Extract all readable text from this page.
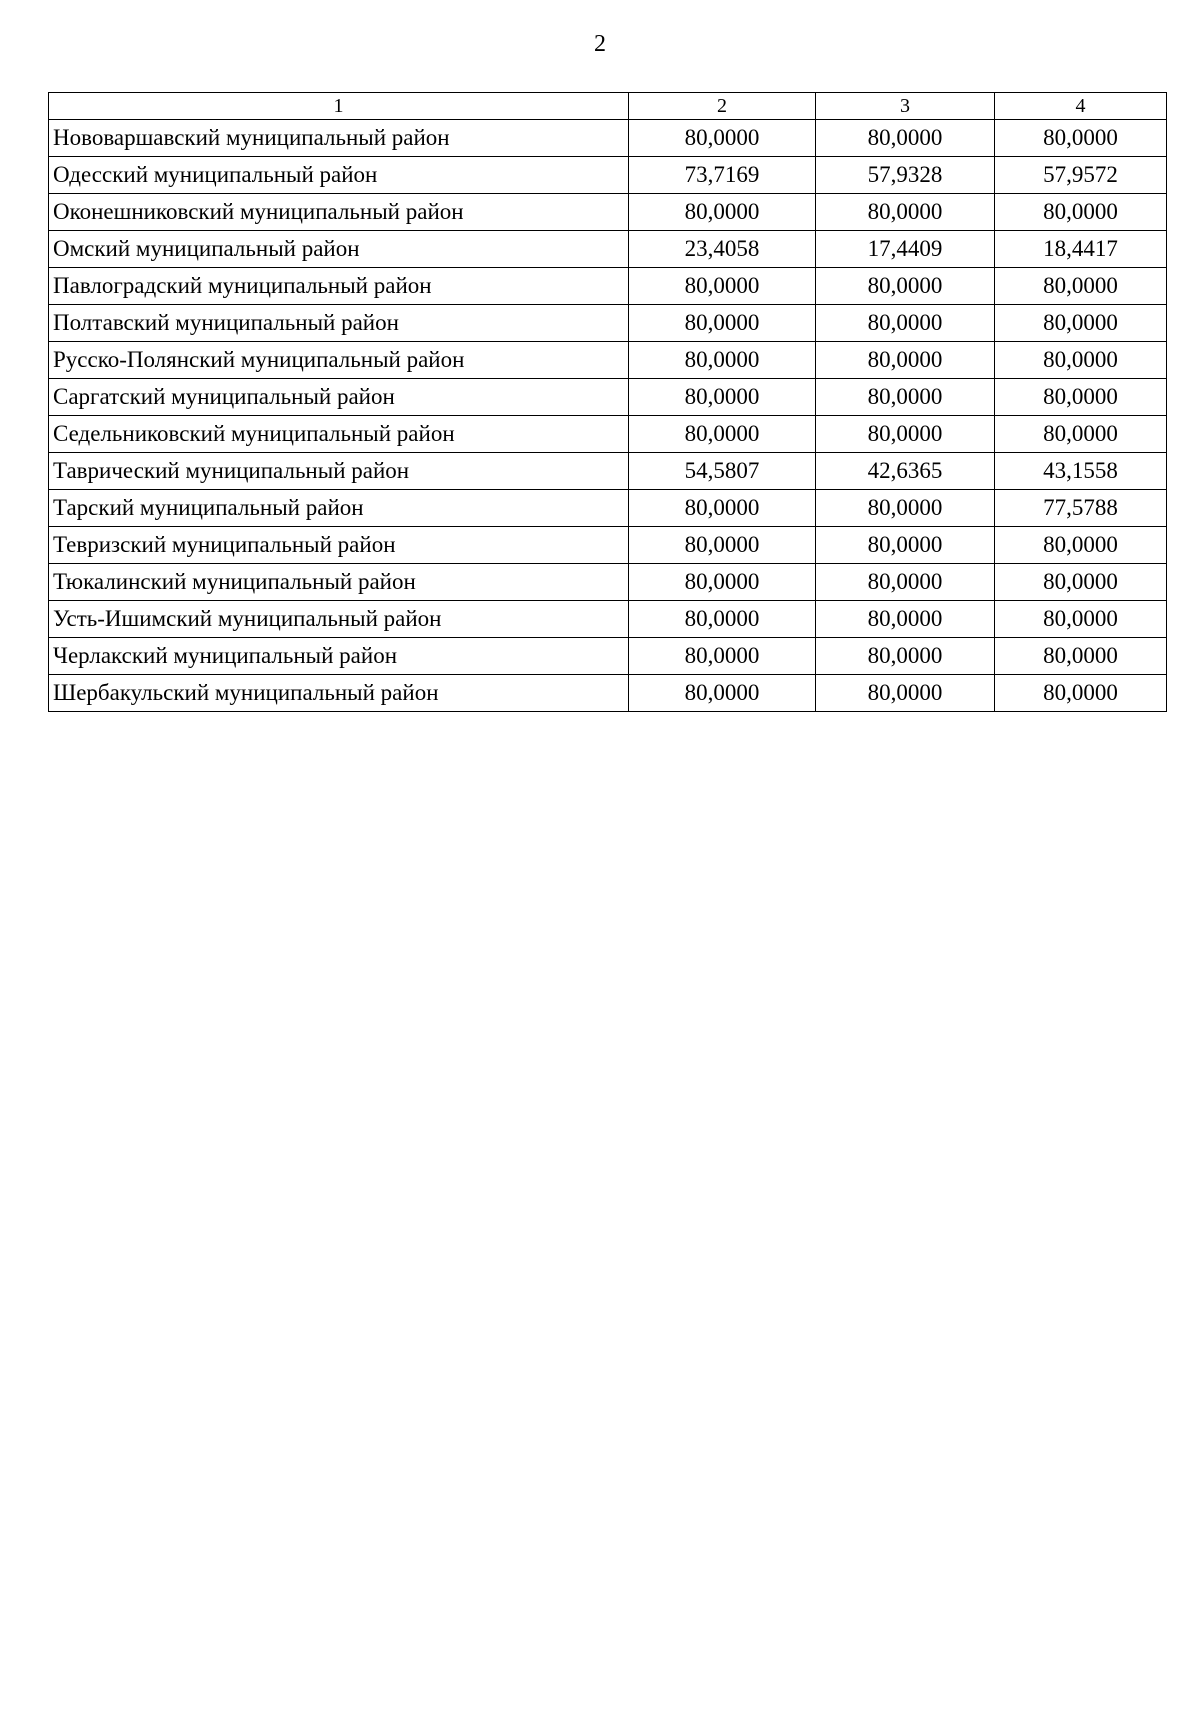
2
1	2	3	4
Нововаршавский муниципальный район	80,0000	80,0000	80,0000
Одесский муниципальный район	73,7169	57,9328	57,9572
Оконешниковский муниципальный район	80,0000	80,0000	80,0000
Омский муниципальный район	23,4058	17,4409	18,4417
Павлоградский муниципальный район	80,0000	80,0000	80,0000
Полтавский муниципальный район	80,0000	80,0000	80,0000
Русско-Полянский муниципальный район	80,0000	80,0000	80,0000
Саргатский муниципальный район	80,0000	80,0000	80,0000
Седельниковский муниципальный район	80,0000	80,0000	80,0000
Таврический муниципальный район	54,5807	42,6365	43,1558
Тарский муниципальный район	80,0000	80,0000	77,5788
Тевризский муниципальный район	80,0000	80,0000	80,0000
Тюкалинский муниципальный район	80,0000	80,0000	80,0000
Усть-Ишимский муниципальный район	80,0000	80,0000	80,0000
Черлакский муниципальный район	80,0000	80,0000	80,0000
Шербакульский муниципальный район	80,0000	80,0000	80,0000
